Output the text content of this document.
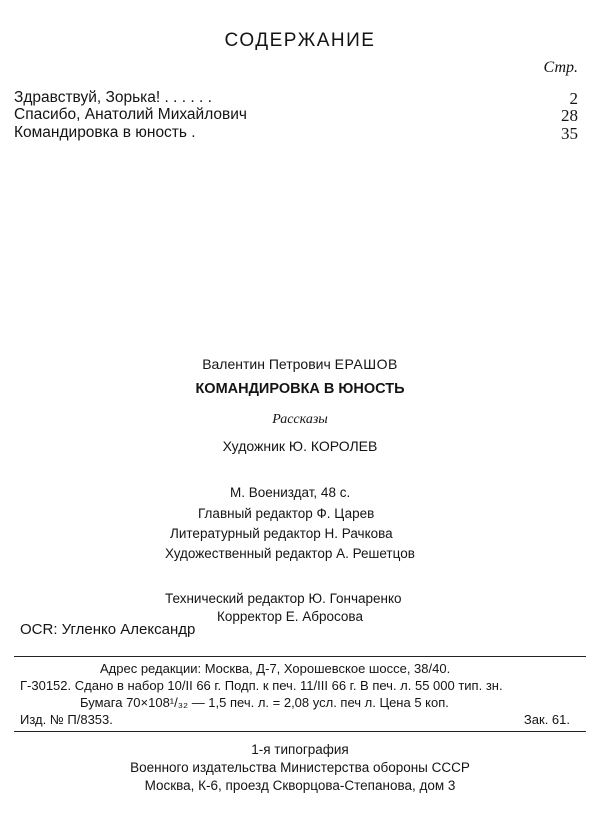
СОДЕРЖАНИЕ
Стр.
Здравствуй, Зорька! . . . . . .	2
Спасибо, Анатолий Михайлович	28
Командировка в юность .	35
Валентин Петрович ЕРАШОВ
КОМАНДИРОВКА В ЮНОСТЬ
Рассказы
Художник Ю. КОРОЛЕВ
М. Воениздат, 48 с.
Главный редактор Ф. Царев
Литературный редактор Н. Рачкова
Художественный редактор А. Решетцов
Технический редактор Ю. Гончаренко
Корректор Е. Абросова
OCR: Угленко Александр
Адрес редакции: Москва, Д-7, Хорошевское шоссе, 38/40.
Г-30152. Сдано в набор 10/II 66 г. Подп. к печ. 11/III 66 г. В печ. л. 55 000 тип. зн.
Бумага 70×108¹/₃₂ — 1,5 печ. л. = 2,08 усл. печ л. Цена 5 коп.
Изд. № П/8353.	Зак. 61.
1-я типография
Военного издательства Министерства обороны СССР
Москва, К-6, проезд Скворцова-Степанова, дом 3
